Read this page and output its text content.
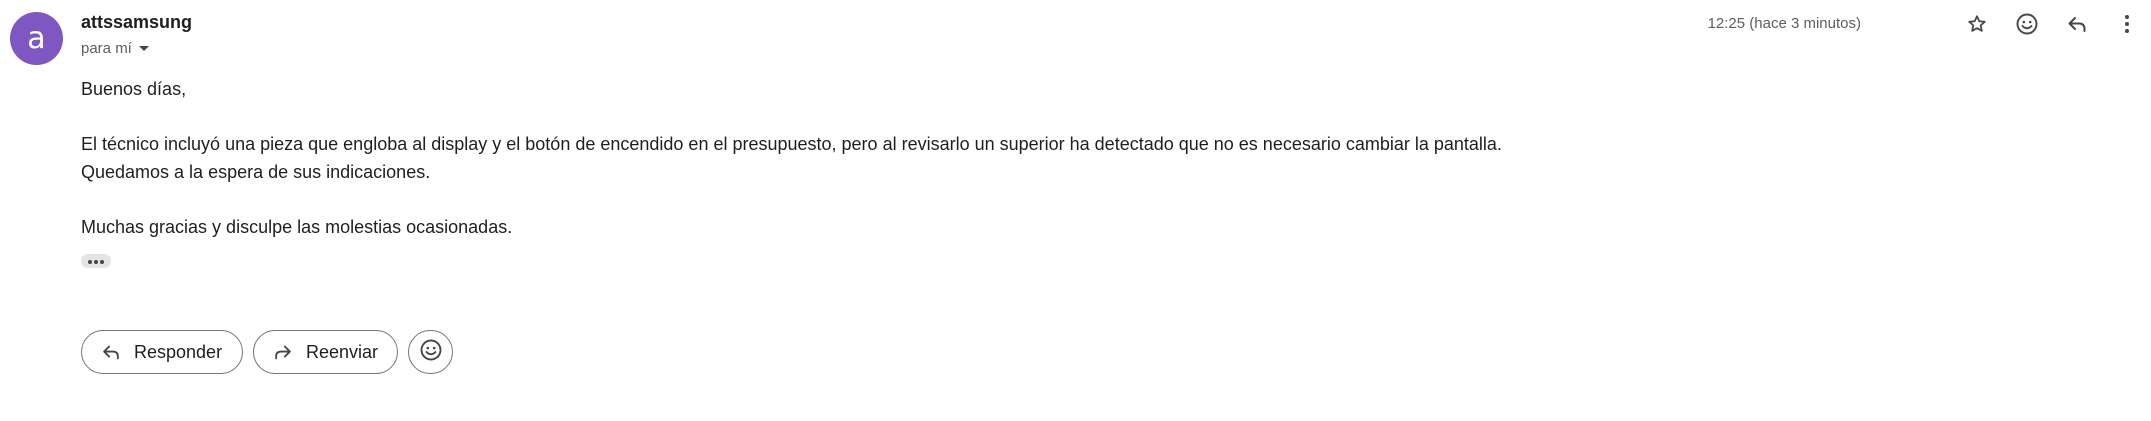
a attssamsung
para mí
12:25 (hace 3 minutos)

Buenos días,

El técnico incluyó una pieza que engloba al display y el botón de encendido en el presupuesto, pero al revisarlo un superior ha detectado que no es necesario cambiar la pantalla.

Quedamos a la espera de sus indicaciones.

Muchas gracias y disculpe las molestias ocasionadas.

Responder	Reenviar
